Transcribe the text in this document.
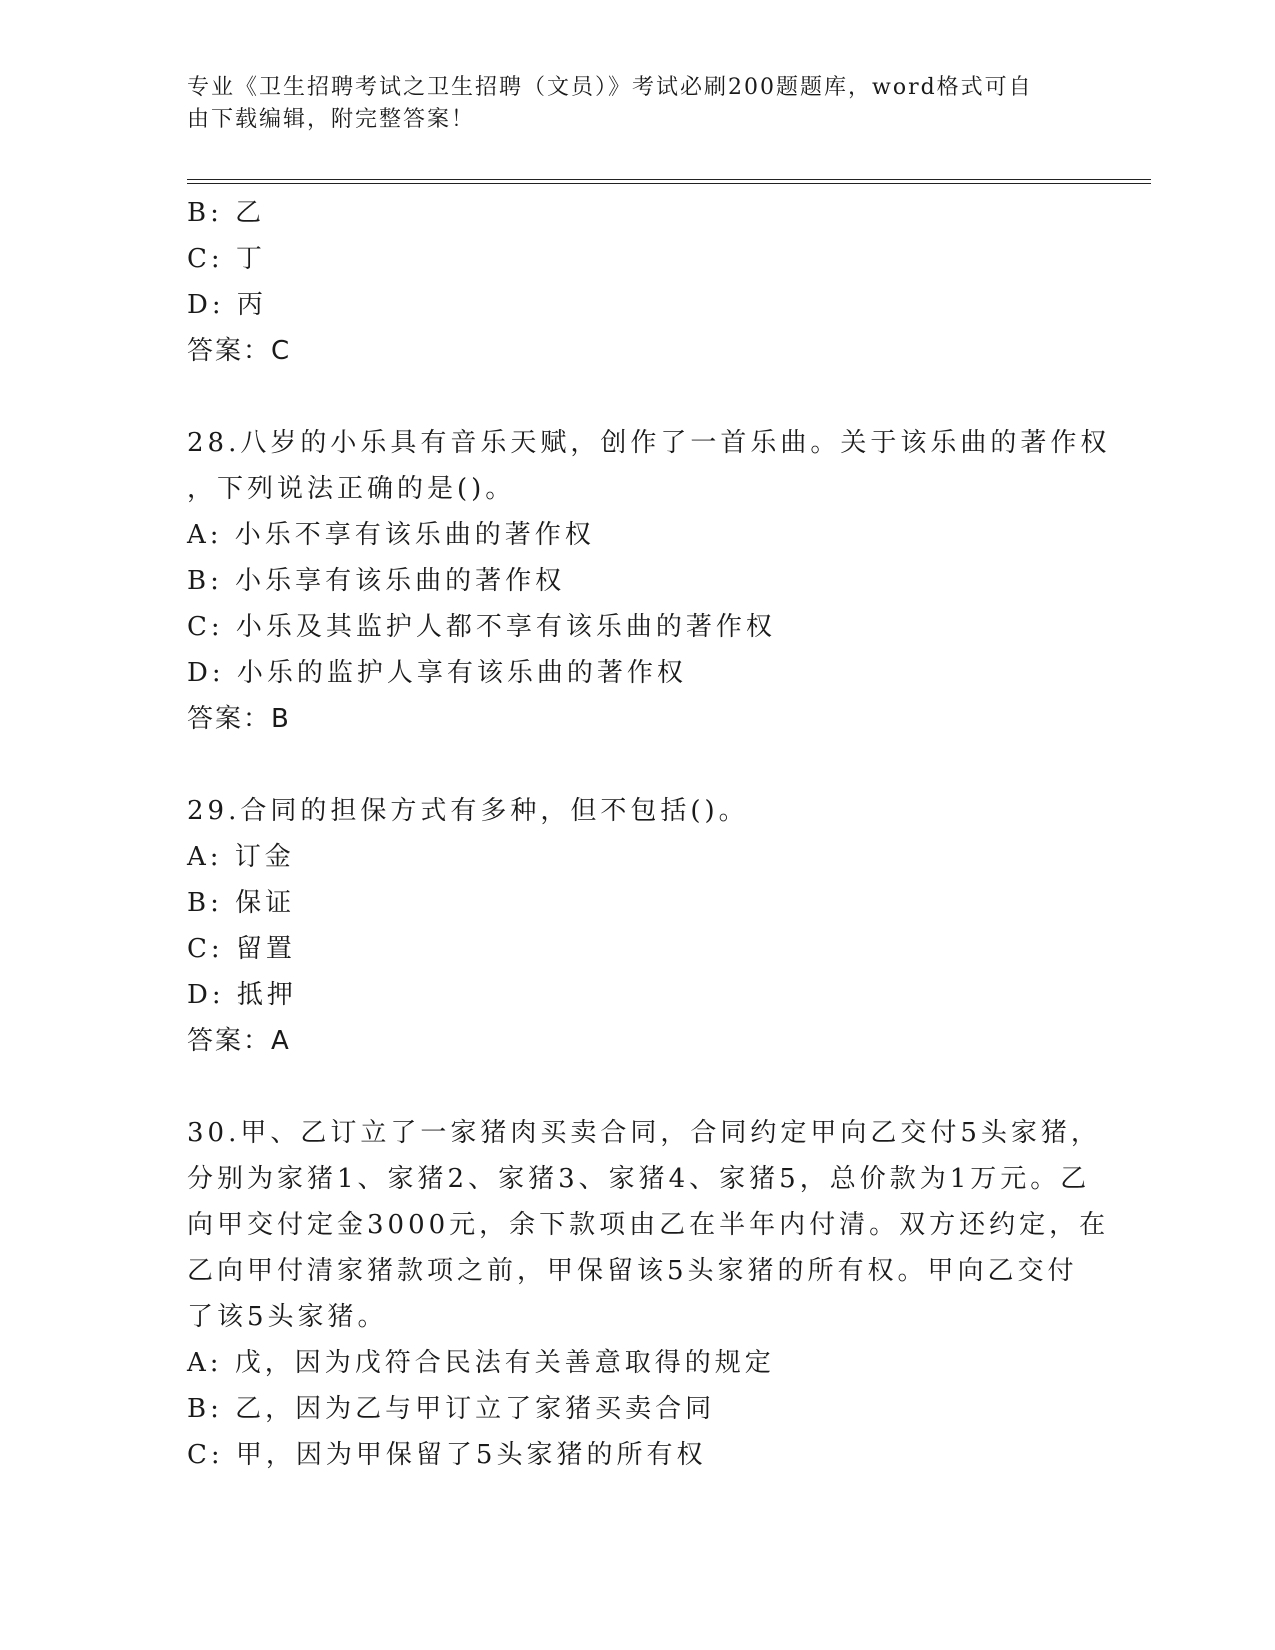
专业《卫生招聘考试之卫生招聘（文员）》考试必刷200题题库，word格式可自
由下载编辑，附完整答案！
B: 乙
C: 丁
D: 丙
答案：C
28.八岁的小乐具有音乐天赋，创作了一首乐曲。关于该乐曲的著作权
，下列说法正确的是()。
A: 小乐不享有该乐曲的著作权
B: 小乐享有该乐曲的著作权
C: 小乐及其监护人都不享有该乐曲的著作权
D: 小乐的监护人享有该乐曲的著作权
答案：B
29.合同的担保方式有多种，但不包括()。
A: 订金
B: 保证
C: 留置
D: 抵押
答案：A
30.甲、乙订立了一家猪肉买卖合同，合同约定甲向乙交付5头家猪，
分别为家猪1、家猪2、家猪3、家猪4、家猪5，总价款为1万元。乙
向甲交付定金3000元，余下款项由乙在半年内付清。双方还约定，在
乙向甲付清家猪款项之前，甲保留该5头家猪的所有权。甲向乙交付
了该5头家猪。
A: 戊，因为戊符合民法有关善意取得的规定
B: 乙，因为乙与甲订立了家猪买卖合同
C: 甲，因为甲保留了5头家猪的所有权
